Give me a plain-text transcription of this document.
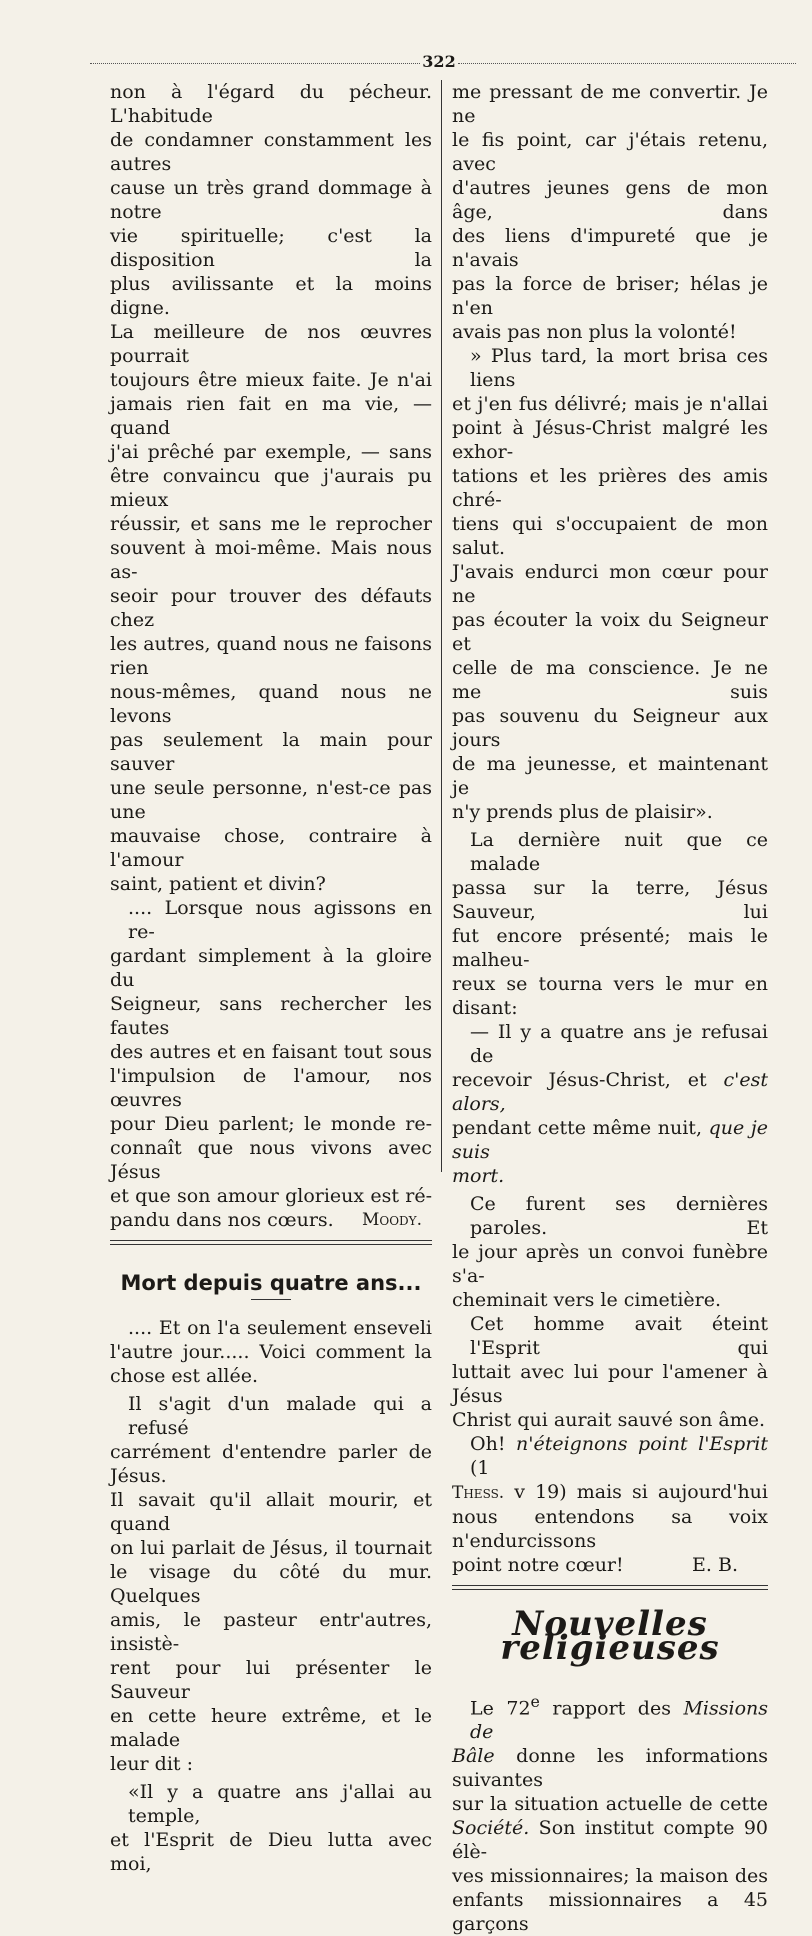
322

non à l'égard du pécheur. L'habitude
de condamner constamment les autres
cause un très grand dommage à notre
vie spirituelle; c'est la disposition la
plus avilissante et la moins digne.
La meilleure de nos œuvres pourrait
toujours être mieux faite. Je n'ai
jamais rien fait en ma vie, — quand
j'ai prêché par exemple, — sans
être convaincu que j'aurais pu mieux
réussir, et sans me le reprocher
souvent à moi-même. Mais nous as-
seoir pour trouver des défauts chez
les autres, quand nous ne faisons rien
nous-mêmes, quand nous ne levons
pas seulement la main pour sauver
une seule personne, n'est-ce pas une
mauvaise chose, contraire à l'amour
saint, patient et divin?

.... Lorsque nous agissons en re-

gardant simplement à la gloire du
Seigneur, sans rechercher les fautes
des autres et en faisant tout sous
l'impulsion de l'amour, nos œuvres
pour Dieu parlent; le monde re-
connaît que nous vivons avec Jésus
et que son amour glorieux est ré-
pandu dans nos cœurs. Moody.

Mort depuis quatre ans...

.... Et on l'a seulement enseveli

l'autre jour..... Voici comment la
chose est allée.

Il s'agit d'un malade qui a refusé
carrément d'entendre parler de Jésus.
Il savait qu'il allait mourir, et quand
on lui parlait de Jésus, il tournait
le visage du côté du mur. Quelques
amis, le pasteur entr'autres, insistè-
rent pour lui présenter le Sauveur
en cette heure extrême, et le malade
leur dit :

«Il y a quatre ans j'allai au temple,
et l'Esprit de Dieu lutta avec moi,

me pressant de me convertir. Je ne
le fis point, car j'étais retenu, avec
d'autres jeunes gens de mon âge, dans
des liens d'impureté que je n'avais
pas la force de briser; hélas je n'en
avais pas non plus la volonté!

» Plus tard, la mort brisa ces liens
et j'en fus délivré; mais je n'allai
point à Jésus-Christ malgré les exhor-
tations et les prières des amis chré-
tiens qui s'occupaient de mon salut.
J'avais endurci mon cœur pour ne
pas écouter la voix du Seigneur et
celle de ma conscience. Je ne me suis
pas souvenu du Seigneur aux jours
de ma jeunesse, et maintenant je
n'y prends plus de plaisir».

La dernière nuit que ce malade
passa sur la terre, Jésus Sauveur, lui
fut encore présenté; mais le malheu-
reux se tourna vers le mur en disant:

— Il y a quatre ans je refusai de
recevoir Jésus-Christ, et c'est alors,
pendant cette même nuit, que je suis
mort.

Ce furent ses dernières paroles. Et
le jour après un convoi funèbre s'a-
cheminait vers le cimetière.

Cet homme avait éteint l'Esprit qui
luttait avec lui pour l'amener à Jésus
Christ qui aurait sauvé son âme.

Oh! n'éteignons point l'Esprit (1
Thess. v 19) mais si aujourd'hui
nous entendons sa voix n'endurcissons
point notre cœur!	E. B.

Nouvelles religieuses

Le 72e rapport des Missions de
Bâle donne les informations suivantes
sur la situation actuelle de cette
Société. Son institut compte 90 élè-
ves missionnaires; la maison des
enfants missionnaires a 45 garçons
